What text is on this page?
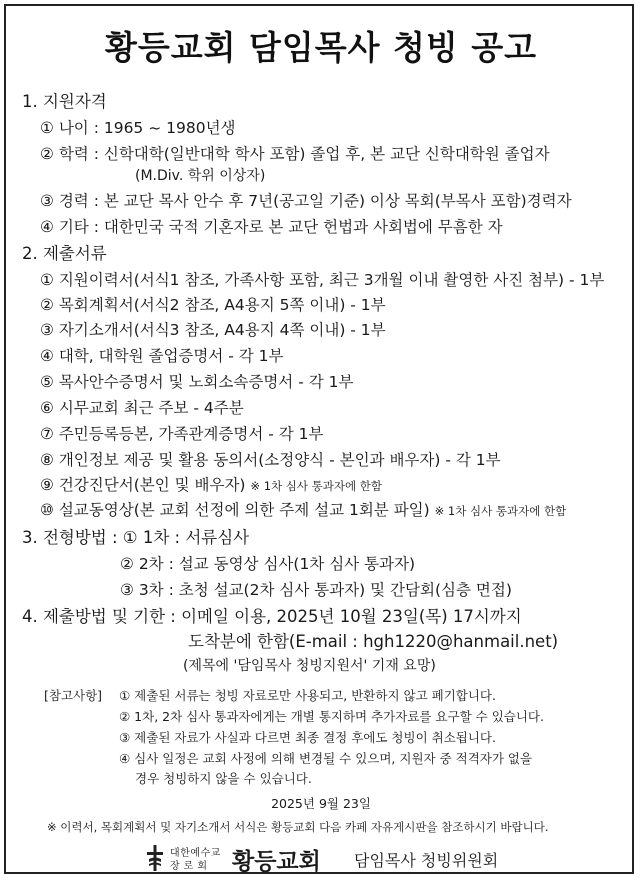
황등교회 담임목사 청빙 공고
1. 지원자격
① 나이 : 1965 ~ 1980년생
② 학력 : 신학대학(일반대학 학사 포함) 졸업 후, 본 교단 신학대학원 졸업자
(M.Div. 학위 이상자)
③ 경력 : 본 교단 목사 안수 후 7년(공고일 기준) 이상 목회(부목사 포함)경력자
④ 기타 : 대한민국 국적 기혼자로 본 교단 헌법과 사회법에 무흠한 자
2. 제출서류
① 지원이력서(서식1 참조, 가족사항 포함, 최근 3개월 이내 촬영한 사진 첨부) - 1부
② 목회계획서(서식2 참조, A4용지 5쪽 이내) - 1부
③ 자기소개서(서식3 참조, A4용지 4쪽 이내) - 1부
④ 대학, 대학원 졸업증명서 - 각 1부
⑤ 목사안수증명서 및 노회소속증명서 - 각 1부
⑥ 시무교회 최근 주보 - 4주분
⑦ 주민등록등본, 가족관계증명서 - 각 1부
⑧ 개인정보 제공 및 활용 동의서(소정양식 - 본인과 배우자) - 각 1부
⑨ 건강진단서(본인 및 배우자) ※ 1차 심사 통과자에 한함
⑩ 설교동영상(본 교회 선정에 의한 주제 설교 1회분 파일) ※ 1차 심사 통과자에 한함
3. 전형방법 : ① 1차 : 서류심사
② 2차 : 설교 동영상 심사(1차 심사 통과자)
③ 3차 : 초청 설교(2차 심사 통과자) 및 간담회(심층 면접)
4. 제출방법 및 기한 : 이메일 이용, 2025년 10월 23일(목) 17시까지
도착분에 한함(E-mail : hgh1220@hanmail.net)
(제목에 '담임목사 청빙지원서' 기재 요망)
[참고사항] ① 제출된 서류는 청빙 자료로만 사용되고, 반환하지 않고 폐기합니다.
② 1차, 2차 심사 통과자에게는 개별 통지하며 추가자료를 요구할 수 있습니다.
③ 제출된 자료가 사실과 다르면 최종 결정 후에도 청빙이 취소됩니다.
④ 심사 일정은 교회 사정에 의해 변경될 수 있으며, 지원자 중 적격자가 없을
경우 청빙하지 않을 수 있습니다.
2025년 9월 23일
※ 이력서, 목회계획서 및 자기소개서 서식은 황등교회 다음 카페 자유게시판을 참조하시기 바랍니다.
대한예수교
장로회 황등교회 담임목사 청빙위원회
